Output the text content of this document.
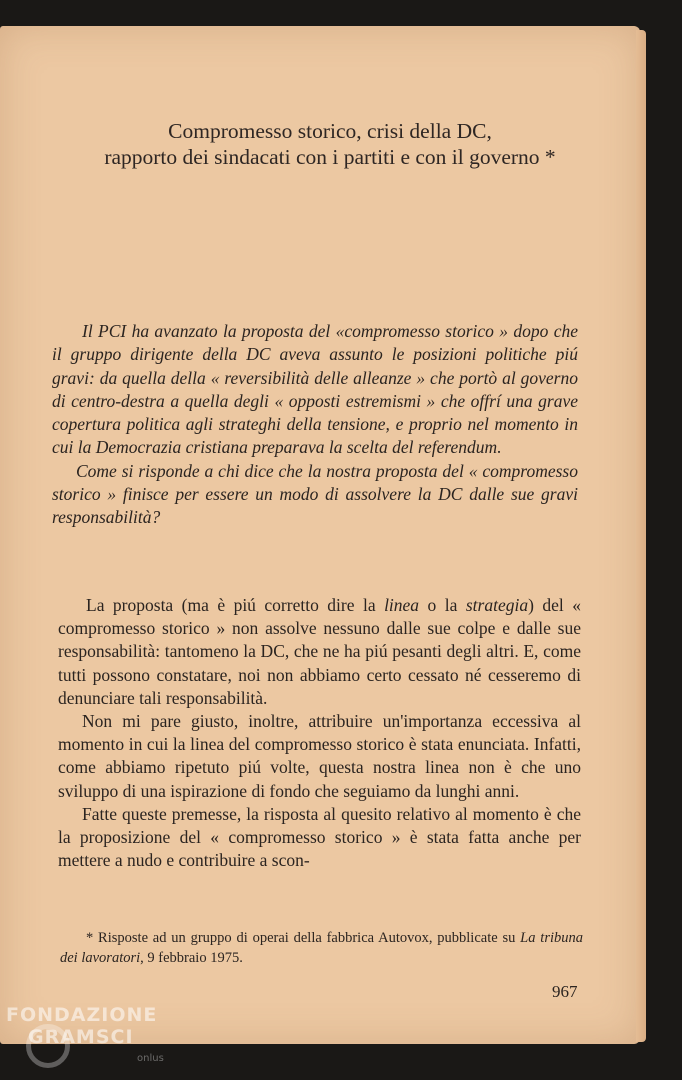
Compromesso storico, crisi della DC,
rapporto dei sindacati con i partiti e con il governo *

Il PCI ha avanzato la proposta del «compromesso storico » dopo che il gruppo dirigente della DC aveva assunto le posizioni politiche piú gravi: da quella della « reversibilità delle alleanze » che portò al governo di centro-destra a quella degli « opposti estremismi » che offrí una grave copertura politica agli strateghi della tensione, e proprio nel momento in cui la Democrazia cristiana preparava la scelta del referendum.

Come si risponde a chi dice che la nostra proposta del « compromesso storico » finisce per essere un modo di assolvere la DC dalle sue gravi responsabilità?

La proposta (ma è piú corretto dire la linea o la strategia) del « compromesso storico » non assolve nessuno dalle sue colpe e dalle sue responsabilità: tantomeno la DC, che ne ha piú pesanti degli altri. E, come tutti possono constatare, noi non abbiamo certo cessato né cesseremo di denunciare tali responsabilità.

Non mi pare giusto, inoltre, attribuire un'importanza eccessiva al momento in cui la linea del compromesso storico è stata enunciata. Infatti, come abbiamo ripetuto piú volte, questa nostra linea non è che uno sviluppo di una ispirazione di fondo che seguiamo da lunghi anni.

Fatte queste premesse, la risposta al quesito relativo al momento è che la proposizione del « compromesso storico » è stata fatta anche per mettere a nudo e contribuire a scon-

* Risposte ad un gruppo di operai della fabbrica Autovox, pubblicate su La tribuna dei lavoratori, 9 febbraio 1975.
967
FONDAZIONE
GRAMSCI
onlus
